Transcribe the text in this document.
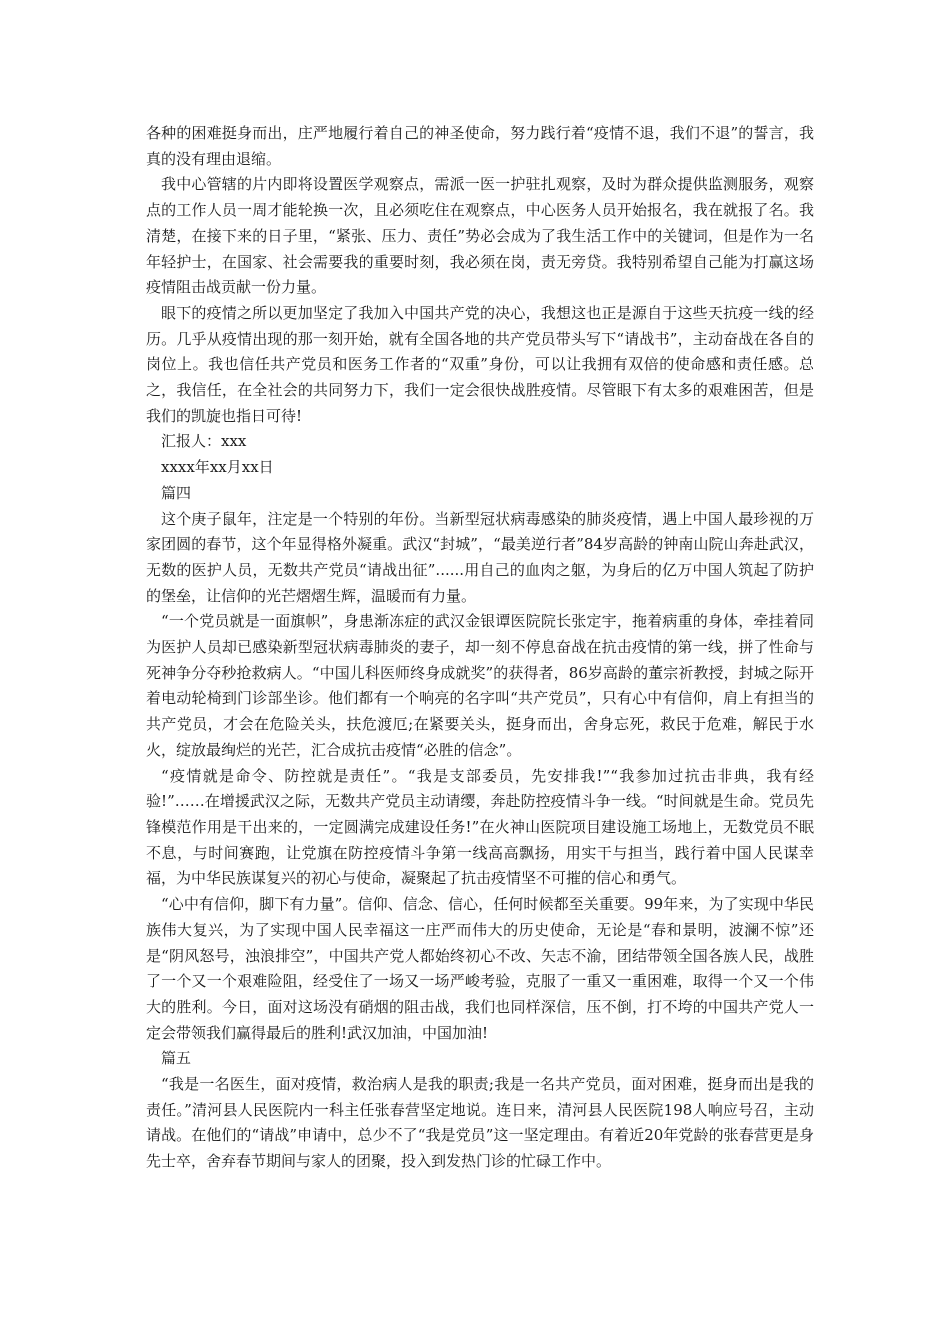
各种的困难挺身而出，庄严地履行着自己的神圣使命，努力践行着“疫情不退，我们不退”的誓言，我真的没有理由退缩。

我中心管辖的片内即将设置医学观察点，需派一医一护驻扎观察，及时为群众提供监测服务，观察点的工作人员一周才能轮换一次，且必须吃住在观察点，中心医务人员开始报名，我在就报了名。我清楚，在接下来的日子里，“紧张、压力、责任”势必会成为了我生活工作中的关键词，但是作为一名年轻护士，在国家、社会需要我的重要时刻，我必须在岗，责无旁贷。我特别希望自己能为打赢这场疫情阻击战贡献一份力量。

眼下的疫情之所以更加坚定了我加入中国共产党的决心，我想这也正是源自于这些天抗疫一线的经历。几乎从疫情出现的那一刻开始，就有全国各地的共产党员带头写下“请战书”，主动奋战在各自的岗位上。我也信任共产党员和医务工作者的“双重”身份，可以让我拥有双倍的使命感和责任感。总之，我信任，在全社会的共同努力下，我们一定会很快战胜疫情。尽管眼下有太多的艰难困苦，但是我们的凯旋也指日可待!

汇报人：xxx

xxxx年xx月xx日

篇四

这个庚子鼠年，注定是一个特别的年份。当新型冠状病毒感染的肺炎疫情，遇上中国人最珍视的万家团圆的春节，这个年显得格外凝重。武汉“封城”，“最美逆行者”84岁高龄的钟南山院山奔赴武汉，无数的医护人员，无数共产党员“请战出征”......用自己的血肉之躯，为身后的亿万中国人筑起了防护的堡垒，让信仰的光芒熠熠生辉，温暖而有力量。

“一个党员就是一面旗帜”，身患渐冻症的武汉金银谭医院院长张定宇，拖着病重的身体，牵挂着同为医护人员却已感染新型冠状病毒肺炎的妻子，却一刻不停息奋战在抗击疫情的第一线，拼了性命与死神争分夺秒抢救病人。“中国儿科医师终身成就奖”的获得者，86岁高龄的董宗祈教授，封城之际开着电动轮椅到门诊部坐诊。他们都有一个响亮的名字叫“共产党员”，只有心中有信仰，肩上有担当的共产党员，才会在危险关头，扶危渡厄;在紧要关头，挺身而出，舍身忘死，救民于危难，解民于水火，绽放最绚烂的光芒，汇合成抗击疫情“必胜的信念”。

“疫情就是命令、防控就是责任”。“我是支部委员，先安排我!”“我参加过抗击非典，我有经验!”……在增援武汉之际，无数共产党员主动请缨，奔赴防控疫情斗争一线。“时间就是生命。党员先锋模范作用是干出来的，一定圆满完成建设任务!”在火神山医院项目建设施工场地上，无数党员不眠不息，与时间赛跑，让党旗在防控疫情斗争第一线高高飘扬，用实干与担当，践行着中国人民谋幸福，为中华民族谋复兴的初心与使命，凝聚起了抗击疫情坚不可摧的信心和勇气。

“心中有信仰，脚下有力量”。信仰、信念、信心，任何时候都至关重要。99年来，为了实现中华民族伟大复兴，为了实现中国人民幸福这一庄严而伟大的历史使命，无论是“春和景明，波澜不惊”还是“阴风怒号，浊浪排空”，中国共产党人都始终初心不改、矢志不渝，团结带领全国各族人民，战胜了一个又一个艰难险阻，经受住了一场又一场严峻考验，克服了一重又一重困难，取得一个又一个伟大的胜利。今日，面对这场没有硝烟的阻击战，我们也同样深信，压不倒，打不垮的中国共产党人一定会带领我们赢得最后的胜利!武汉加油，中国加油!

篇五

“我是一名医生，面对疫情，救治病人是我的职责;我是一名共产党员，面对困难，挺身而出是我的责任。”清河县人民医院内一科主任张春营坚定地说。连日来，清河县人民医院198人响应号召，主动请战。在他们的“请战”申请中，总少不了“我是党员”这一坚定理由。有着近20年党龄的张春营更是身先士卒，舍弃春节期间与家人的团聚，投入到发热门诊的忙碌工作中。
